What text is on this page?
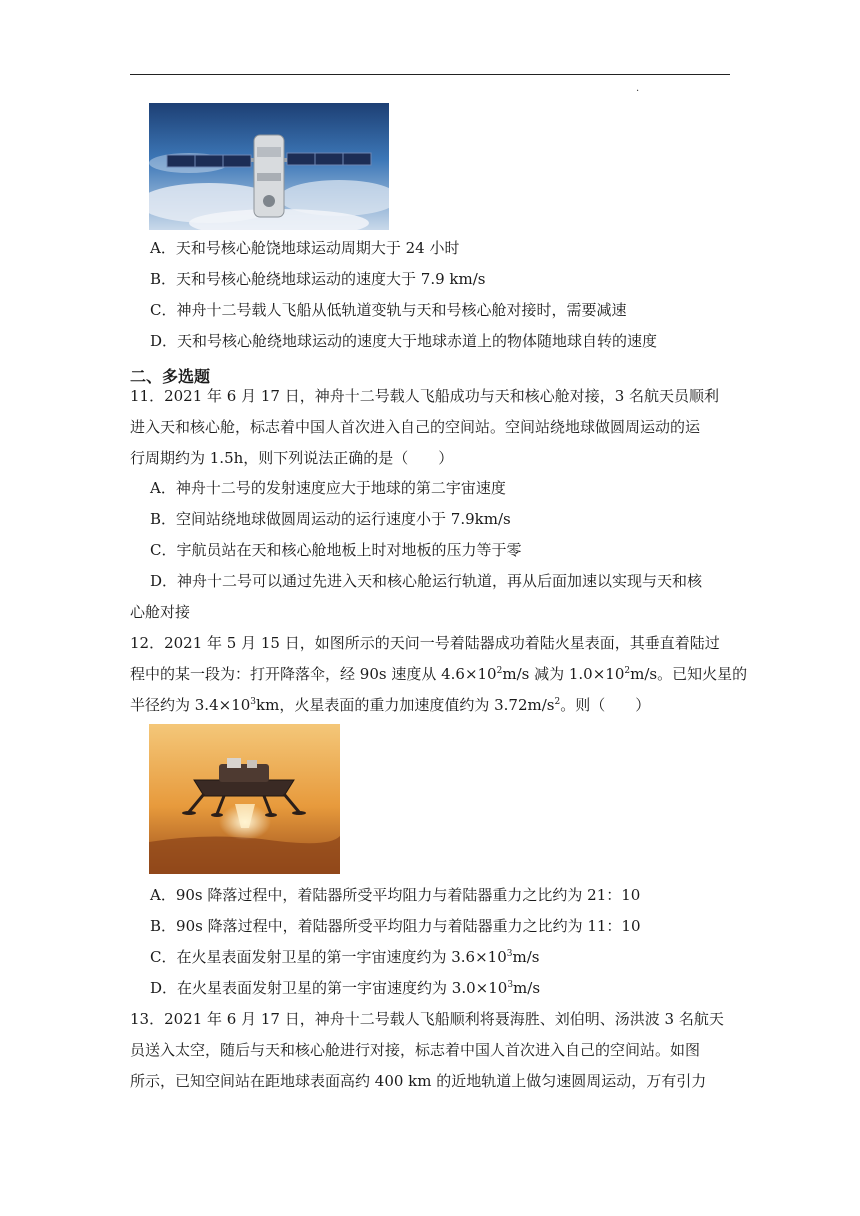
.
A．天和号核心舱饶地球运动周期大于 24 小时
B．天和号核心舱绕地球运动的速度大于 7.9 km/s
C．神舟十二号载人飞船从低轨道变轨与天和号核心舱对接时，需要减速
D．天和号核心舱绕地球运动的速度大于地球赤道上的物体随地球自转的速度
二、多选题
11．2021 年 6 月 17 日，神舟十二号载人飞船成功与天和核心舱对接，3 名航天员顺利
进入天和核心舱，标志着中国人首次进入自己的空间站。空间站绕地球做圆周运动的运
行周期约为 1.5h，则下列说法正确的是（　　）
A．神舟十二号的发射速度应大于地球的第二宇宙速度
B．空间站绕地球做圆周运动的运行速度小于 7.9km/s
C．宇航员站在天和核心舱地板上时对地板的压力等于零
D．神舟十二号可以通过先进入天和核心舱运行轨道，再从后面加速以实现与天和核
心舱对接
12．2021 年 5 月 15 日，如图所示的天问一号着陆器成功着陆火星表面，其垂直着陆过
程中的某一段为：打开降落伞，经 90s 速度从 $4.6\times 10^2m/s$ 减为 $1.0\times 10^2m/s$。已知火星的
半径约为 $3.4\times 10^3km$，火星表面的重力加速度值约为 $3.72m/s^2$。则（　　）
A．90s 降落过程中，着陆器所受平均阻力与着陆器重力之比约为 21：10
B．90s 降落过程中，着陆器所受平均阻力与着陆器重力之比约为 11：10
C．在火星表面发射卫星的第一宇宙速度约为 $3.6\times 10^3m/s$
D．在火星表面发射卫星的第一宇宙速度约为 $3.0\times 10^3m/s$
13．2021 年 6 月 17 日，神舟十二号载人飞船顺利将聂海胜、刘伯明、汤洪波 3 名航天
员送入太空，随后与天和核心舱进行对接，标志着中国人首次进入自己的空间站。如图
所示，已知空间站在距地球表面高约 400 km 的近地轨道上做匀速圆周运动，万有引力
